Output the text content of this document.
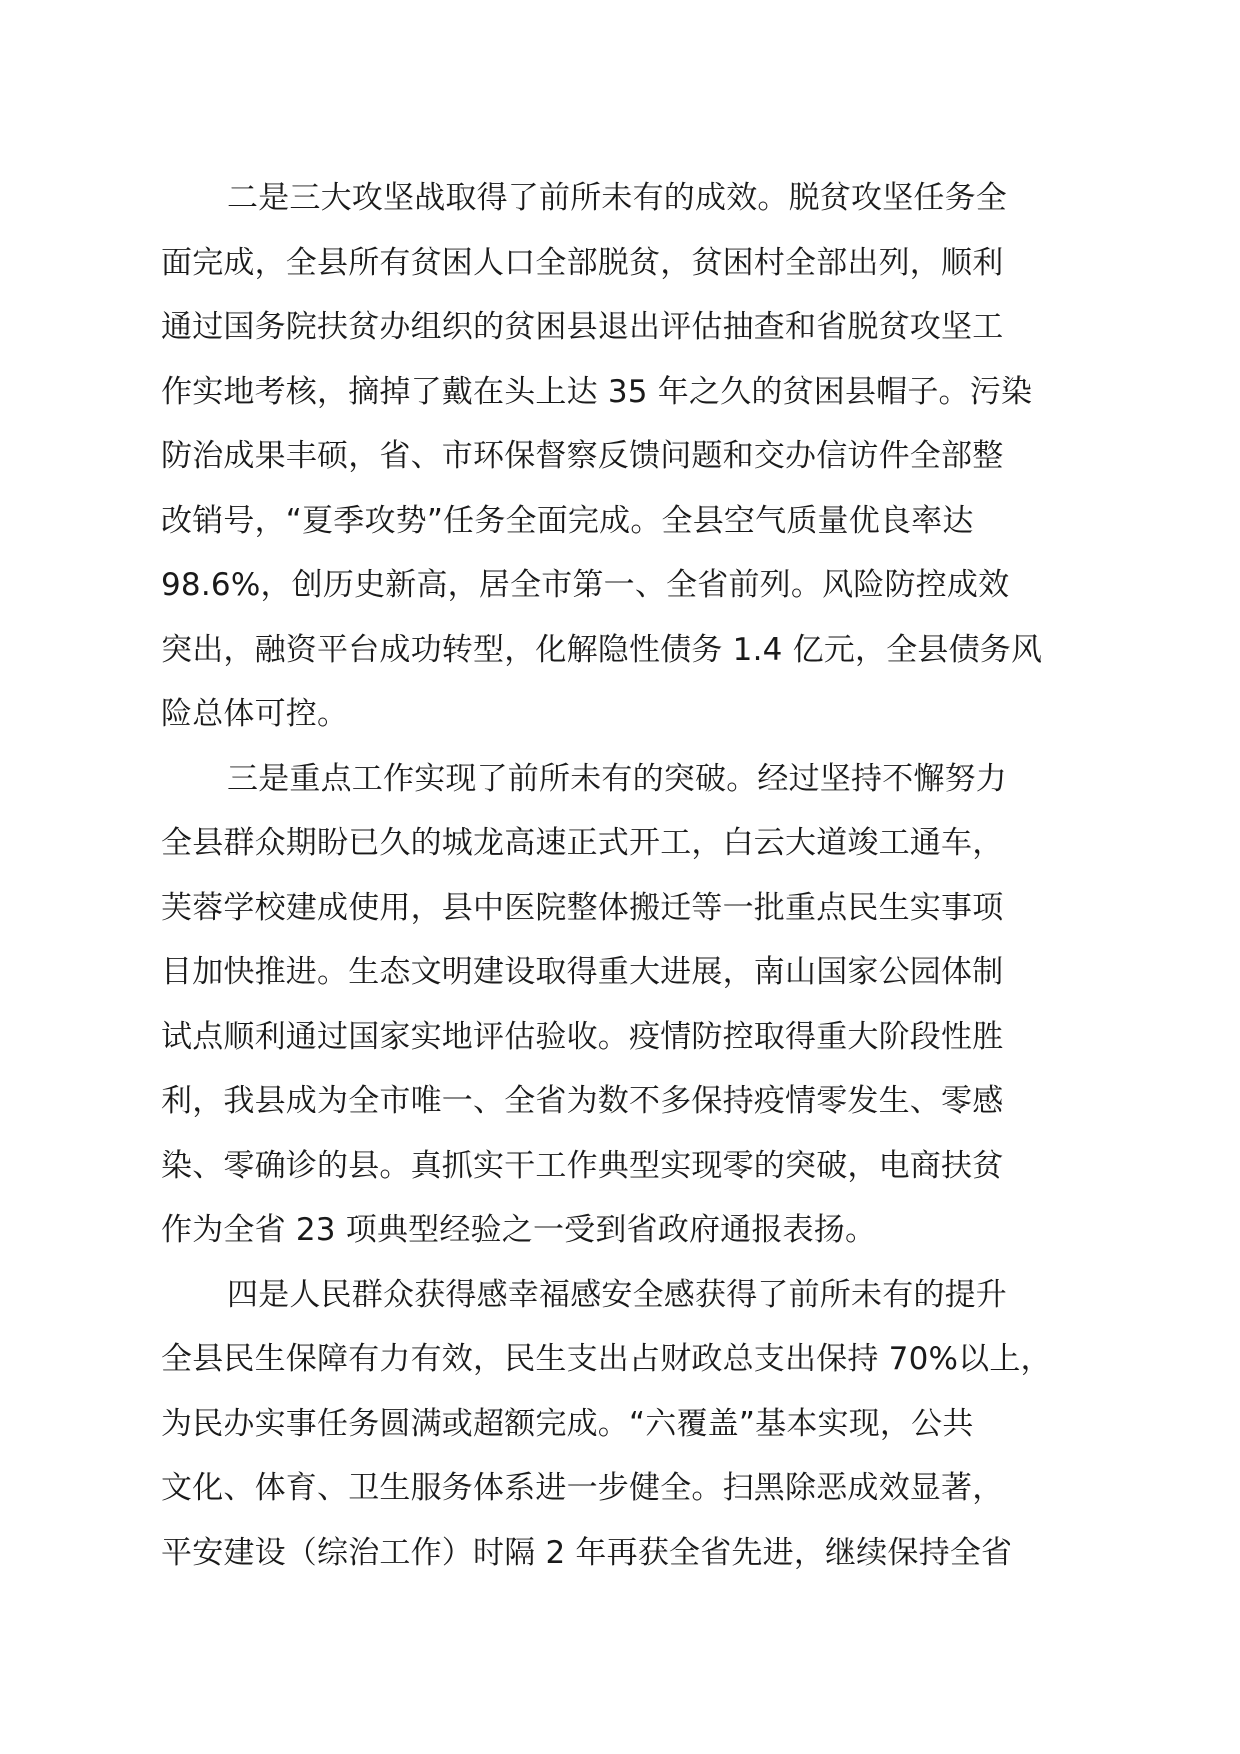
二是三大攻坚战取得了前所未有的成效。脱贫攻坚任务全
面完成，全县所有贫困人口全部脱贫，贫困村全部出列，顺利
通过国务院扶贫办组织的贫困县退出评估抽查和省脱贫攻坚工
作实地考核，摘掉了戴在头上达 35 年之久的贫困县帽子。污染
防治成果丰硕，省、市环保督察反馈问题和交办信访件全部整
改销号，“夏季攻势”任务全面完成。全县空气质量优良率达
98.6%，创历史新高，居全市第一、全省前列。风险防控成效
突出，融资平台成功转型，化解隐性债务 1.4 亿元，全县债务风
险总体可控。
三是重点工作实现了前所未有的突破。经过坚持不懈努力
全县群众期盼已久的城龙高速正式开工，白云大道竣工通车，
芙蓉学校建成使用，县中医院整体搬迁等一批重点民生实事项
目加快推进。生态文明建设取得重大进展，南山国家公园体制
试点顺利通过国家实地评估验收。疫情防控取得重大阶段性胜
利，我县成为全市唯一、全省为数不多保持疫情零发生、零感
染、零确诊的县。真抓实干工作典型实现零的突破，电商扶贫
作为全省 23 项典型经验之一受到省政府通报表扬。
四是人民群众获得感幸福感安全感获得了前所未有的提升
全县民生保障有力有效，民生支出占财政总支出保持 70%以上，
为民办实事任务圆满或超额完成。“六覆盖”基本实现，公共
文化、体育、卫生服务体系进一步健全。扫黑除恶成效显著，
平安建设（综治工作）时隔 2 年再获全省先进，继续保持全省
